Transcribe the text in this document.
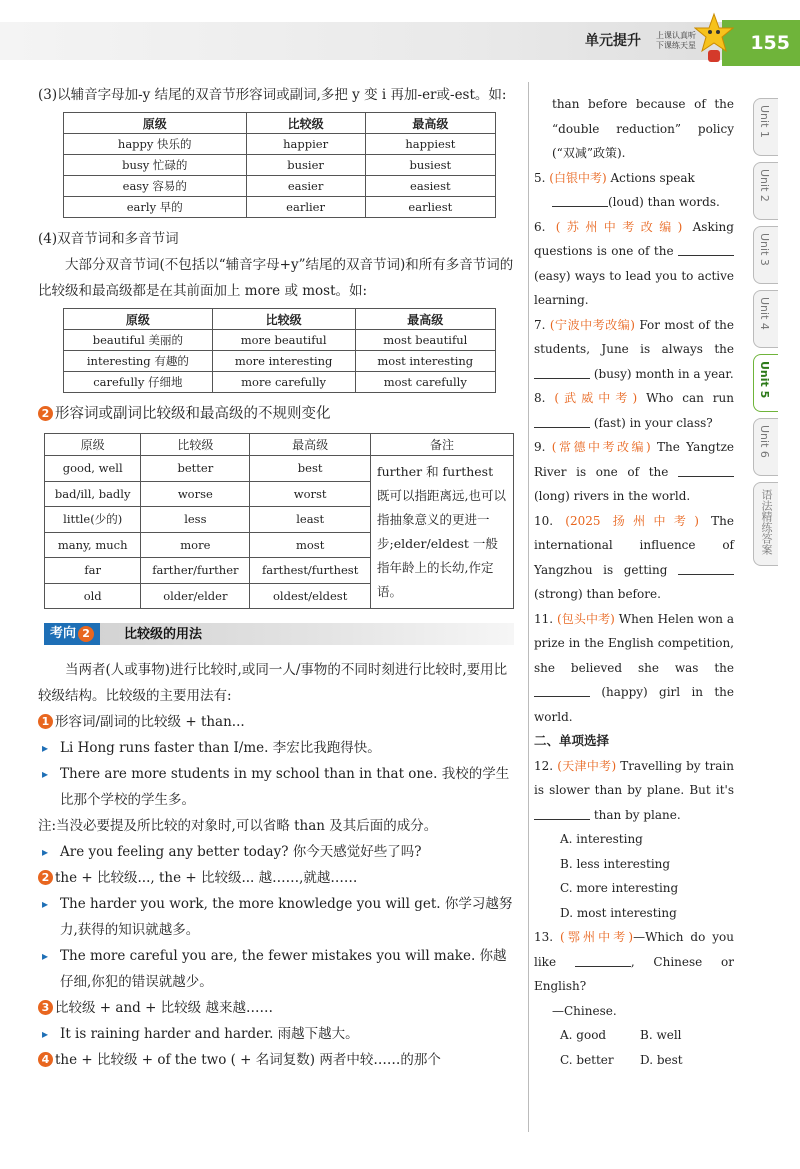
单元提升 上课认真听
下课练天星	155
Unit 1
Unit 2
Unit 3
Unit 4
Unit 5
Unit 6
语法精练答案

(3)以辅音字母加-y 结尾的双音节形容词或副词,多把 y 变 i 再加-er或-est。如:

原级	比较级	最高级
happy 快乐的	happier	happiest
busy 忙碌的	busier	busiest
easy 容易的	easier	easiest
early 早的	earlier	earliest

(4)双音节词和多音节词

大部分双音节词(不包括以“辅音字母+y”结尾的双音节词)和所有多音节词的比较级和最高级都是在其前面加上 more 或 most。如:

原级	比较级	最高级
beautiful 美丽的	more beautiful	most beautiful
interesting 有趣的	more interesting	most interesting
carefully 仔细地	more carefully	most carefully

2 形容词或副词比较级和最高级的不规则变化

原级	比较级	最高级	备注
good, well	better	best	further 和 furthest 既可以指距离远,也可以指抽象意义的更进一步;elder/eldest 一般指年龄上的长幼,作定语。
bad/ill, badly	worse	worst	
little(少的)	less	least	
many, much	more	most	
far	farther/further	farthest/furthest	
old	older/elder	oldest/eldest	
考向 2	比较级的用法

当两者(人或事物)进行比较时,或同一人/事物的不同时刻进行比较时,要用比较级结构。比较级的主要用法有:

1 形容词/副词的比较级 + than...

▸ Li Hong runs faster than I/me. 李宏比我跑得快。

▸ There are more students in my school than in that one. 我校的学生比那个学校的学生多。

注:当没必要提及所比较的对象时,可以省略 than 及其后面的成分。

▸ Are you feeling any better today? 你今天感觉好些了吗?

2 the + 比较级..., the + 比较级... 越……,就越……

▸ The harder you work, the more knowledge you will get. 你学习越努力,获得的知识就越多。

▸ The more careful you are, the fewer mistakes you will make. 你越仔细,你犯的错误就越少。

3 比较级 + and + 比较级 越来越……

▸ It is raining harder and harder. 雨越下越大。

4 the + 比较级 + of the two ( + 名词复数) 两者中较……的那个

than before because of the “double reduction” policy (“双减”政策).

5. (白银中考) Actions speak
(loud) than words.

6. (苏州中考改编) Asking questions is one of the  (easy) ways to lead you to active learning.

7. (宁波中考改编) For most of the students, June is always the  (busy) month in a year.

8. (武威中考) Who can run  (fast) in your class?

9. (常德中考改编) The Yangtze River is one of the  (long) rivers in the world.

10. (2025 扬州中考) The international influence of Yangzhou is getting  (strong) than before.

11. (包头中考) When Helen won a prize in the English competition, she believed she was the  (happy) girl in the world.

二、单项选择

12. (天津中考) Travelling by train is slower than by plane. But it's  than by plane.

A. interesting

B. less interesting

C. more interesting

D. most interesting

13. (鄂州中考)—Which do you like	, Chinese or English?

—Chinese.

A. good	B. well

C. better D. best
